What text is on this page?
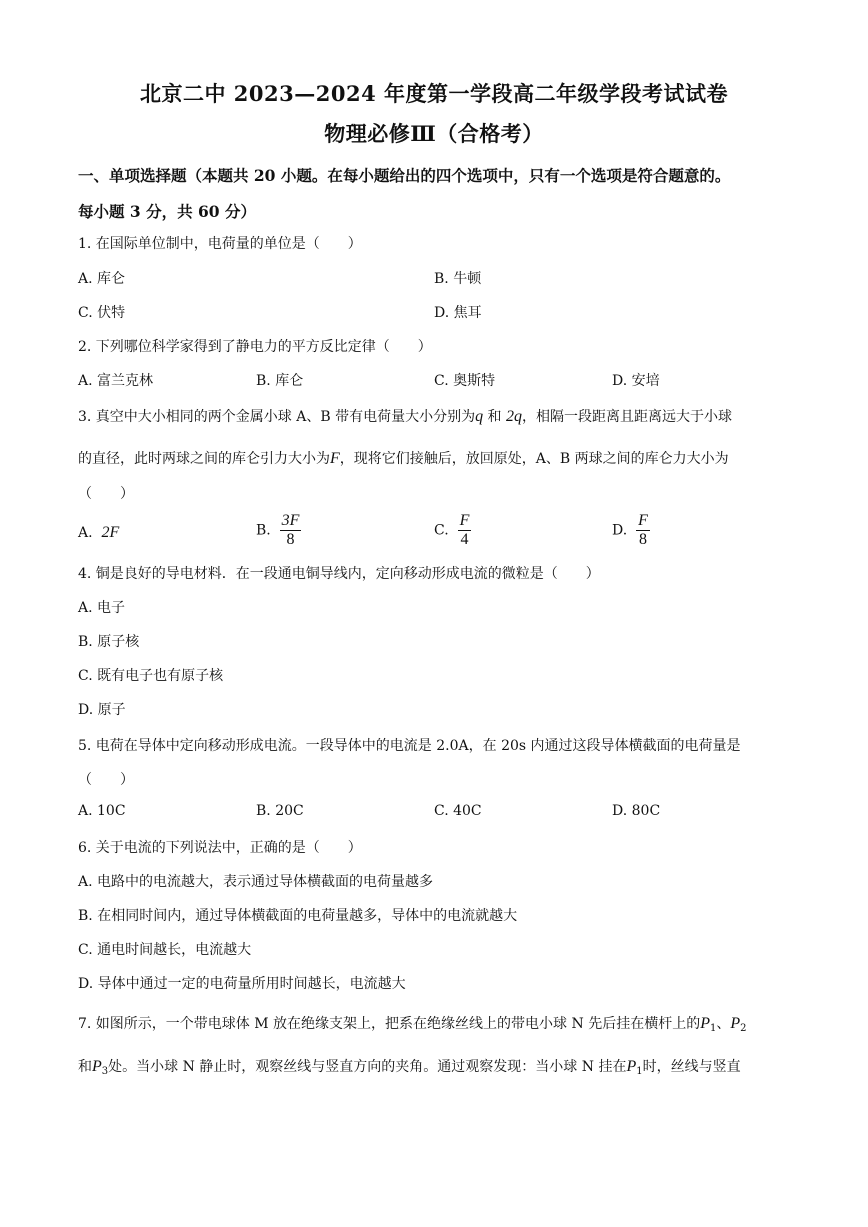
北京二中 2023—2024 年度第一学段高二年级学段考试试卷
物理必修Ⅲ（合格考）
一、单项选择题（本题共 20 小题。在每小题给出的四个选项中，只有一个选项是符合题意的。
每小题 3 分，共 60 分）
1. 在国际单位制中，电荷量的单位是（　　）
A. 库仑	B. 牛顿
C. 伏特	D. 焦耳
2. 下列哪位科学家得到了静电力的平方反比定律（　　）
A. 富兰克林	B. 库仑	C. 奥斯特	D. 安培
3. 真空中大小相同的两个金属小球 A、B 带有电荷量大小分别为q 和 2q，相隔一段距离且距离远大于小球
的直径，此时两球之间的库仑引力大小为F，现将它们接触后，放回原处，A、B 两球之间的库仑力大小为
（　　）
A. 2F	B. $\frac{3F}{8}$	C. $\frac{F}{4}$	D. $\frac{F}{8}$
4. 铜是良好的导电材料．在一段通电铜导线内，定向移动形成电流的微粒是（　　）
A. 电子
B. 原子核
C. 既有电子也有原子核
D. 原子
5. 电荷在导体中定向移动形成电流。一段导体中的电流是 2.0A，在 20s 内通过这段导体横截面的电荷量是
（　　）
A. 10C	B. 20C	C. 40C	D. 80C
6. 关于电流的下列说法中，正确的是（　　）
A. 电路中的电流越大，表示通过导体横截面的电荷量越多
B. 在相同时间内，通过导体横截面的电荷量越多，导体中的电流就越大
C. 通电时间越长，电流越大
D. 导体中通过一定的电荷量所用时间越长，电流越大
7. 如图所示，一个带电球体 M 放在绝缘支架上，把系在绝缘丝线上的带电小球 N 先后挂在横杆上的$P_1$、$P_2$
和$P_3$处。当小球 N 静止时，观察丝线与竖直方向的夹角。通过观察发现：当小球 N 挂在$P_1$时，丝线与竖直
